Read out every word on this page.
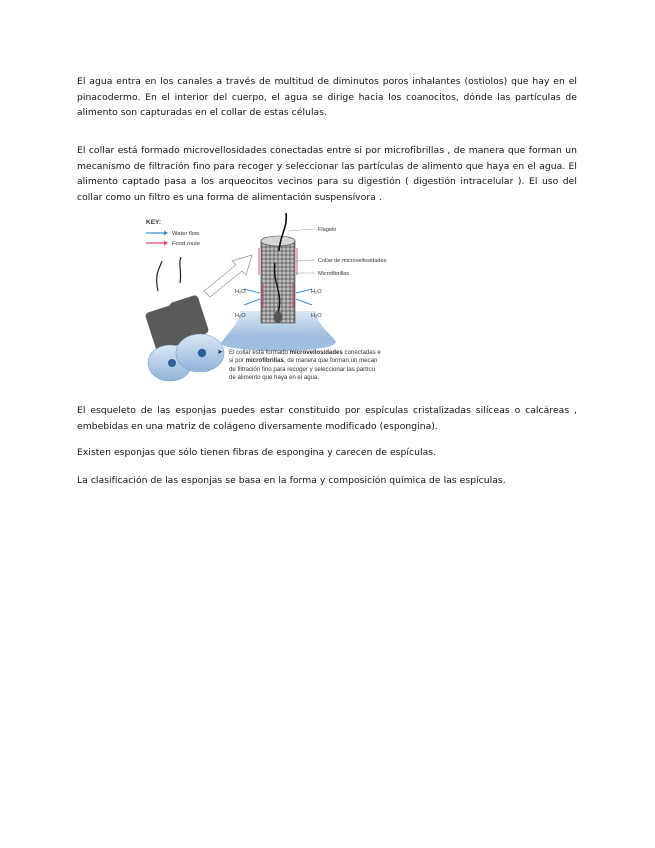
El agua entra en los canales a través de multitud de diminutos poros inhalantes (ostiolos) que hay en el pinacodermo. En el interior del cuerpo, el agua se dirige hacia los coanocitos, dónde las partículas de alimento son capturadas en el collar de estas células.

El collar está formado microvellosidades conectadas entre si por microfibrillas , de manera que forman un mecanismo de filtración fino para recoger y seleccionar las partículas de alimento que haya en el agua. El alimento captado pasa a los arqueocitos vecinos para su digestión ( digestión intracelular ). El uso del collar como un filtro es una forma de alimentación suspensívora .

KEY:
Water flow
Food route
Flagelo
Collar de microvellosidades
Microfibrillas
H₂O
H₂O
H₂O
H₂O
➤ El collar está formado microvellosidades conectadas e
si por microfibrillas, de manera que forman un mecan
de filtración fino para recoger y seleccionar las partícu
de alimento que haya en el agua.

El esqueleto de las esponjas puedes estar constituido por espículas cristalizadas silíceas o calcáreas , embebidas en una matriz de colágeno diversamente modificado (espongina).

Existen esponjas que sólo tienen fibras de espongina y carecen de espículas.

La clasificación de las esponjas se basa en la forma y composición química de las espículas.
